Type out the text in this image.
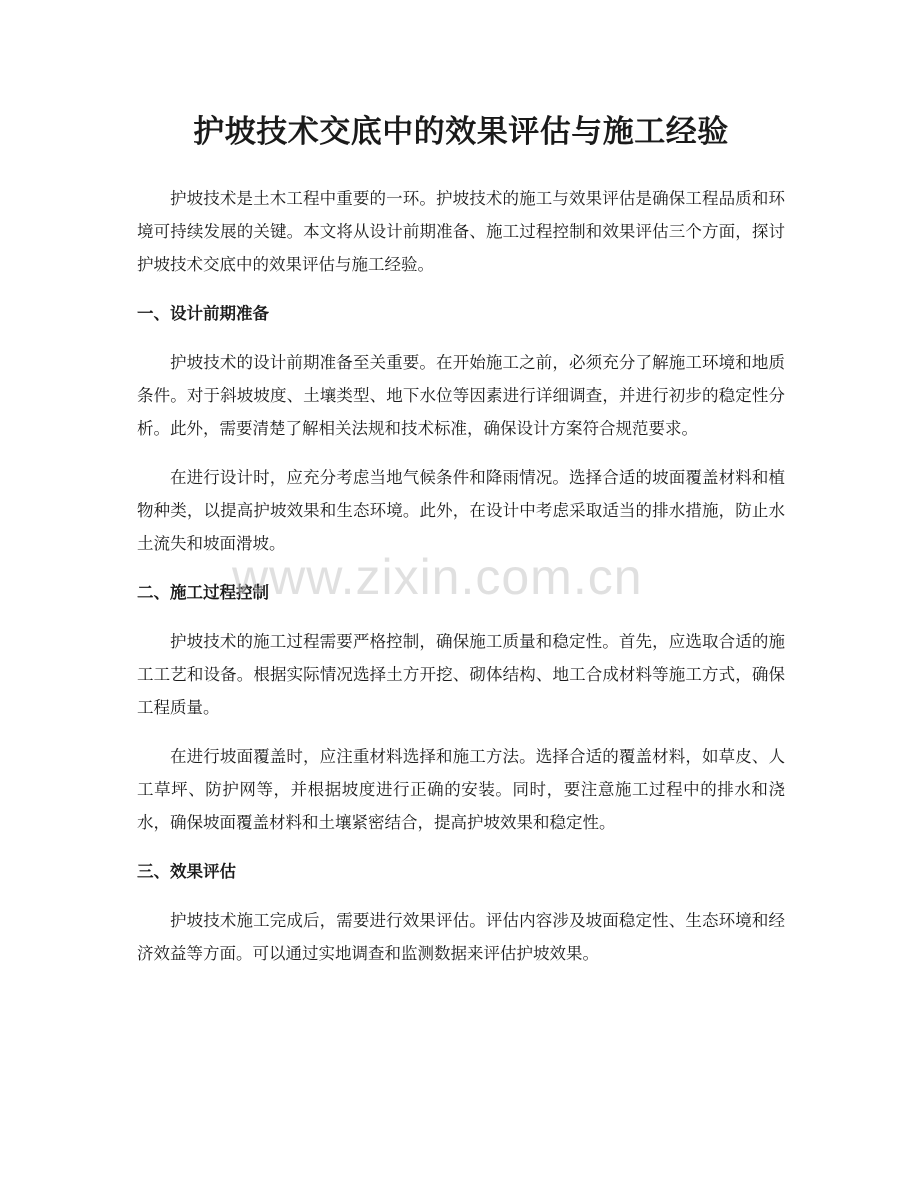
护坡技术交底中的效果评估与施工经验

护坡技术是土木工程中重要的一环。护坡技术的施工与效果评估是确保工程品质和环境可持续发展的关键。本文将从设计前期准备、施工过程控制和效果评估三个方面，探讨护坡技术交底中的效果评估与施工经验。

一、设计前期准备

护坡技术的设计前期准备至关重要。在开始施工之前，必须充分了解施工环境和地质条件。对于斜坡坡度、土壤类型、地下水位等因素进行详细调查，并进行初步的稳定性分析。此外，需要清楚了解相关法规和技术标准，确保设计方案符合规范要求。

在进行设计时，应充分考虑当地气候条件和降雨情况。选择合适的坡面覆盖材料和植物种类，以提高护坡效果和生态环境。此外，在设计中考虑采取适当的排水措施，防止水土流失和坡面滑坡。

二、施工过程控制

护坡技术的施工过程需要严格控制，确保施工质量和稳定性。首先，应选取合适的施工工艺和设备。根据实际情况选择土方开挖、砌体结构、地工合成材料等施工方式，确保工程质量。

在进行坡面覆盖时，应注重材料选择和施工方法。选择合适的覆盖材料，如草皮、人工草坪、防护网等，并根据坡度进行正确的安装。同时，要注意施工过程中的排水和浇水，确保坡面覆盖材料和土壤紧密结合，提高护坡效果和稳定性。

三、效果评估

护坡技术施工完成后，需要进行效果评估。评估内容涉及坡面稳定性、生态环境和经济效益等方面。可以通过实地调查和监测数据来评估护坡效果。

www.zixin.com.cn
